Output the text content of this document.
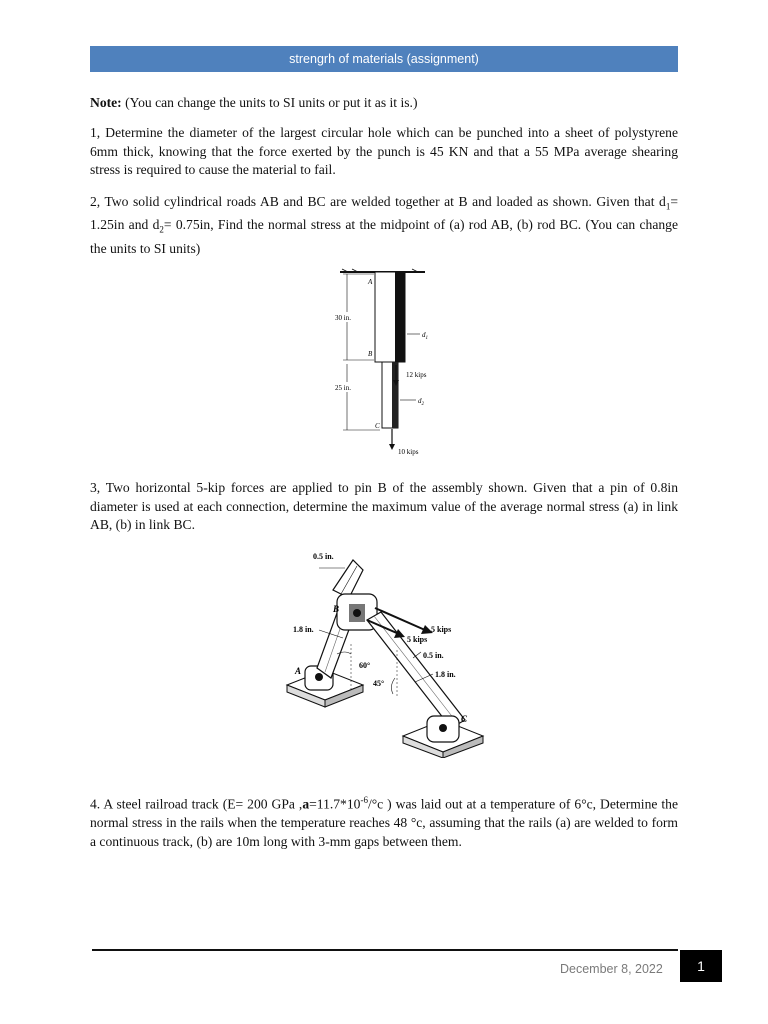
strengrh of materials (assignment)

Note: (You can change the units to SI units or put it as it is.)

1, Determine the diameter of the largest circular hole which can be punched into a sheet of polystyrene 6mm thick, knowing that the force exerted by the punch is 45 KN and that a 55 MPa average shearing stress is required to cause the material to fail.

2, Two solid cylindrical roads AB and BC are welded together at B and loaded as shown. Given that $d_1= 1.25in$ and $d_2= 0.75in$, Find the normal stress at the midpoint of (a) rod AB, (b) rod BC. (You can change the units to SI units)

A
B
C
30 in.
25 in.
$d_1$
$d_2$
12 kips
10 kips

3, Two horizontal 5-kip forces are applied to pin B of the assembly shown. Given that a pin of 0.8in diameter is used at each connection, determine the maximum value of the average normal stress (a) in link AB, (b) in link BC.

A
0.5 in.
B
5 kips
5 kips
0.5 in.
1.8 in.
1.8 in.
60°
45°
C

4. A steel railroad track (E= 200 GPa $,a=11.7*10^{-6}/^\circ c$ ) was laid out at a temperature of 6°c, Determine the normal stress in the rails when the temperature reaches 48 °c, assuming that the rails (a) are welded to form a continuous track, (b) are 10m long with 3-mm gaps between them.

December 8, 2022	1
